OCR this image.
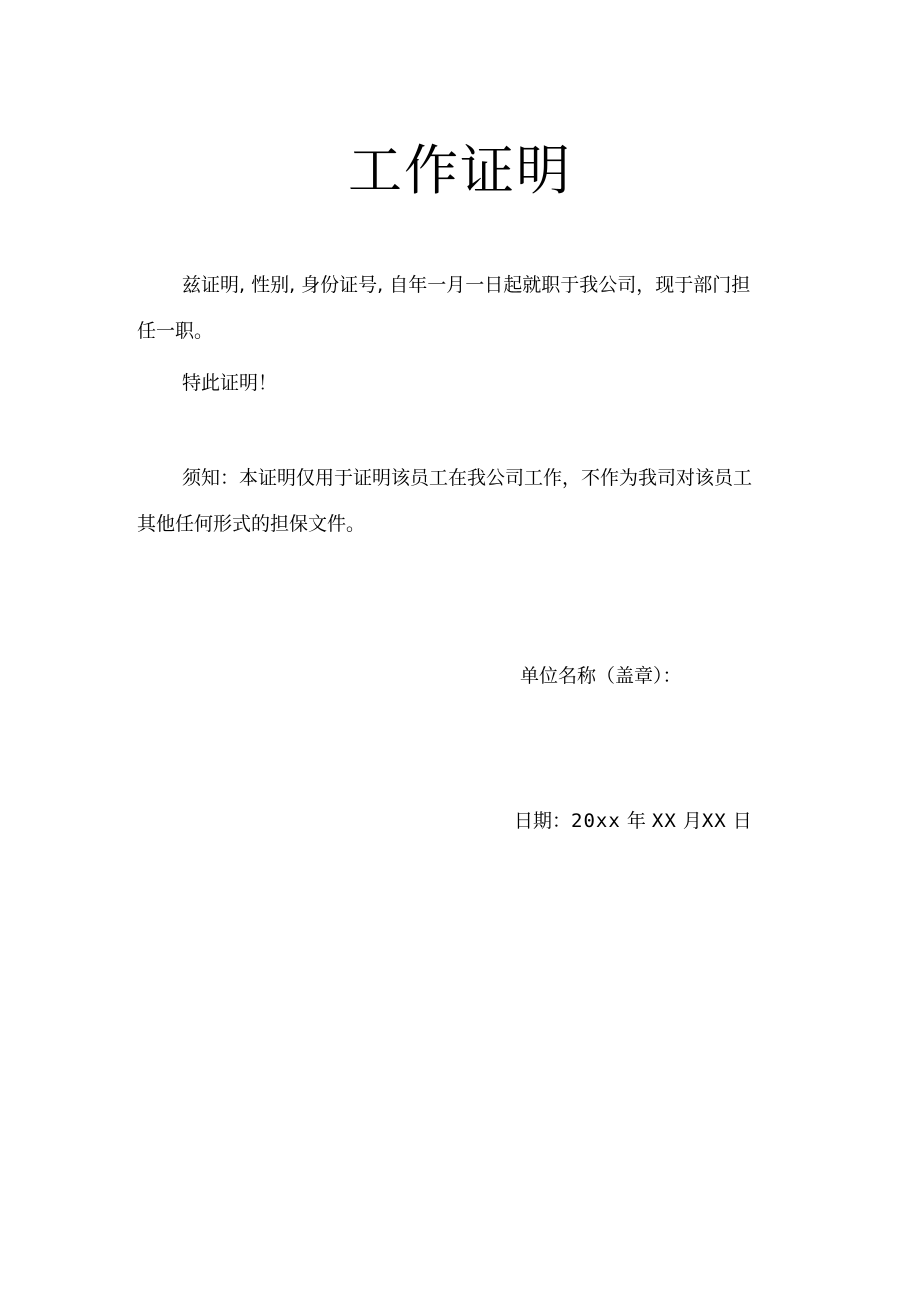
工作证明

兹证明, 性别, 身份证号, 自年一月一日起就职于我公司，现于部门担
任一职。

特此证明！

须知：本证明仅用于证明该员工在我公司工作，不作为我司对该员工
其他任何形式的担保文件。

单位名称（盖章）：

日期：20xx 年 XX 月XX 日
